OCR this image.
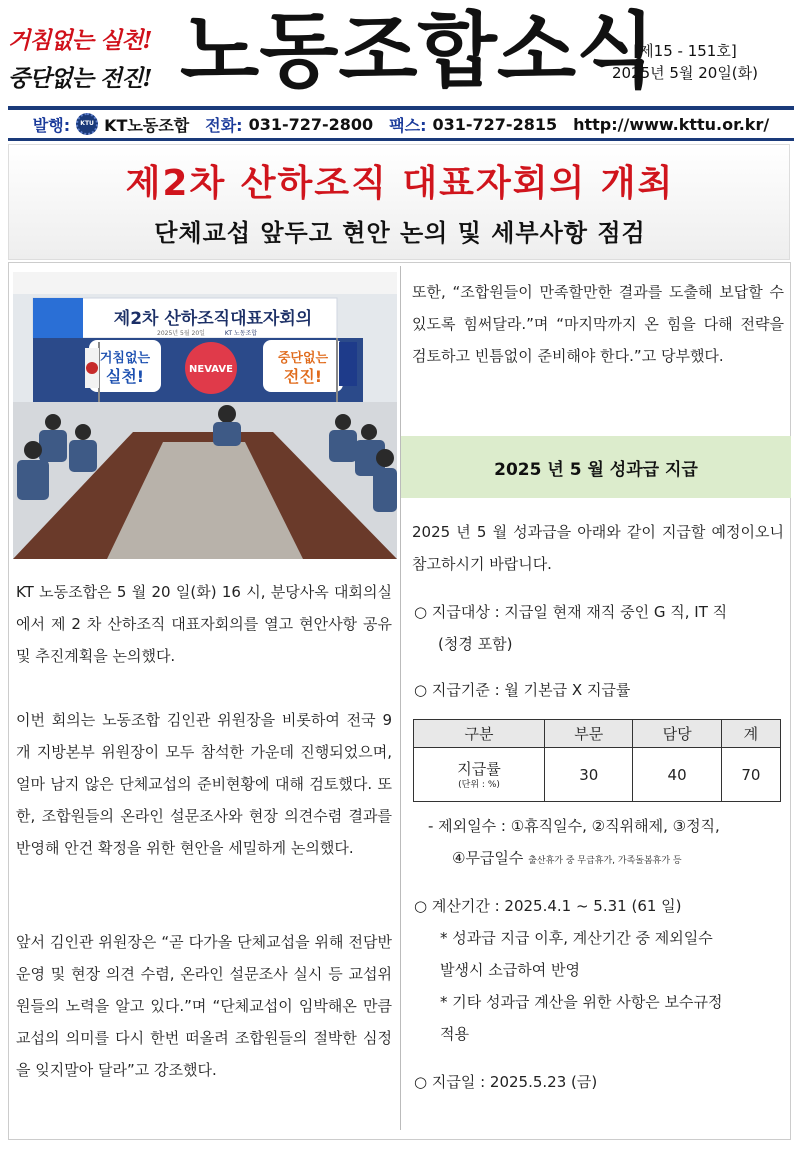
거침없는 실천!
중단없는 전진! 노동조합소식
[제15 - 151호]
2025년 5월 20일(화)
발행:	KTU KT노동조합 전화: 031-727-2800 팩스: 031-727-2815 http://www.kttu.or.kr/
제2차 산하조직 대표자회의 개최
단체교섭 앞두고 현안 논의 및 세부사항 점검
제2차 산하조직대표자회의
2025년 5월 20일	KT 노동조합
거침없는
실천!	NEVAVE
중단없는
전진!
KT 노동조합은 5 월 20 일(화) 16 시, 분당사옥 대회의실에서 제 2 차 산하조직 대표자회의를 열고 현안사항 공유 및 추진계획을 논의했다.
이번 회의는 노동조합 김인관 위원장을 비롯하여 전국 9 개 지방본부 위원장이 모두 참석한 가운데 진행되었으며, 얼마 남지 않은 단체교섭의 준비현황에 대해 검토했다. 또한, 조합원들의 온라인 설문조사와 현장 의견수렴 결과를 반영해 안건 확정을 위한 현안을 세밀하게 논의했다.
앞서 김인관 위원장은 “곧 다가올 단체교섭을 위해 전담반 운영 및 현장 의견 수렴, 온라인 설문조사 실시 등 교섭위원들의 노력을 알고 있다.”며 “단체교섭이 임박해온 만큼 교섭의 의미를 다시 한번 떠올려 조합원들의 절박한 심정을 잊지말아 달라”고 강조했다.
또한, “조합원들이 만족할만한 결과를 도출해 보답할 수 있도록 힘써달라.”며 “마지막까지 온 힘을 다해 전략을 검토하고 빈틈없이 준비해야 한다.”고 당부했다.
2025 년 5 월 성과급 지급
2025 년 5 월 성과급을 아래와 같이 지급할 예정이오니 참고하시기 바랍니다.
○ 지급대상 : 지급일 현재 재직 중인 G 직, IT 직
(청경 포함)
○ 지급기준 : 월 기본급 X 지급률
구분	부문	담당	계
지급률
(단위 : %)	30	40	70
- 제외일수 : ①휴직일수, ②직위해제, ③정직,
④무급일수 출산휴가 중 무급휴가, 가족돌봄휴가 등
○ 계산기간 : 2025.4.1 ~ 5.31 (61 일)
* 성과급 지급 이후, 계산기간 중 제외일수
발생시 소급하여 반영
* 기타 성과급 계산을 위한 사항은 보수규정
적용
○ 지급일 : 2025.5.23 (금)
